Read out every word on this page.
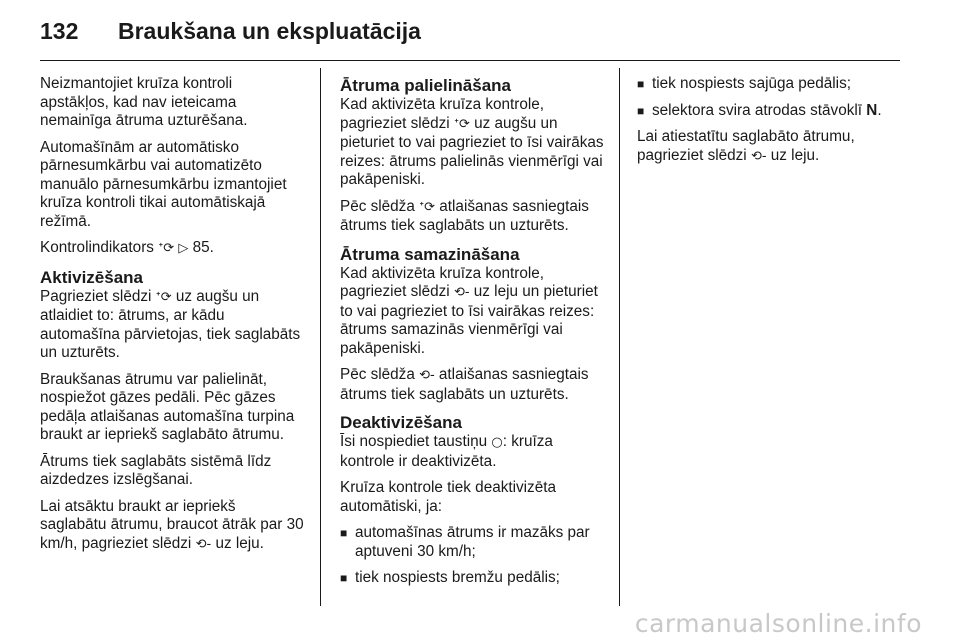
132	Braukšana un ekspluatācija

Neizmantojiet kruīza kontroli apstākļos, kad nav ieteicama nemainīga ātruma uzturēšana.

Automašīnām ar automātisko pārnesumkārbu vai automatizēto manuālo pārnesumkārbu izmantojiet kruīza kontroli tikai automātiskajā režīmā.

Kontrolindikators ᐩ⟳ ▷ 85.

Aktivizēšana

Pagrieziet slēdzi ᐩ⟳ uz augšu un atlaidiet to: ātrums, ar kādu automašīna pārvietojas, tiek saglabāts un uzturēts.

Braukšanas ātrumu var palielināt, nospiežot gāzes pedāli. Pēc gāzes pedāļa atlaišanas automašīna turpina braukt ar iepriekš saglabāto ātrumu.

Ātrums tiek saglabāts sistēmā līdz aizdedzes izslēgšanai.

Lai atsāktu braukt ar iepriekš saglabātu ātrumu, braucot ātrāk par 30 km/h, pagrieziet slēdzi ⟲- uz leju.

Ātruma palielināšana

Kad aktivizēta kruīza kontrole, pagrieziet slēdzi ᐩ⟳ uz augšu un pieturiet to vai pagrieziet to īsi vairākas reizes: ātrums palielinās vienmērīgi vai pakāpeniski.

Pēc slēdža ᐩ⟳ atlaišanas sasniegtais ātrums tiek saglabāts un uzturēts.

Ātruma samazināšana

Kad aktivizēta kruīza kontrole, pagrieziet slēdzi ⟲- uz leju un pieturiet to vai pagrieziet to īsi vairākas reizes: ātrums samazinās vienmērīgi vai pakāpeniski.

Pēc slēdža ⟲- atlaišanas sasniegtais ātrums tiek saglabāts un uzturēts.

Deaktivizēšana

Īsi nospiediet taustiņu ○: kruīza kontrole ir deaktivizēta.

Kruīza kontrole tiek deaktivizēta automātiski, ja:

■ automašīnas ātrums ir mazāks par aptuveni 30 km/h;
■ tiek nospiests bremžu pedālis;
■ tiek nospiests sajūga pedālis;
■ selektora svira atrodas stāvoklī N.

Lai atiestatītu saglabāto ātrumu, pagrieziet slēdzi ⟲- uz leju.

carmanualsonline.info
